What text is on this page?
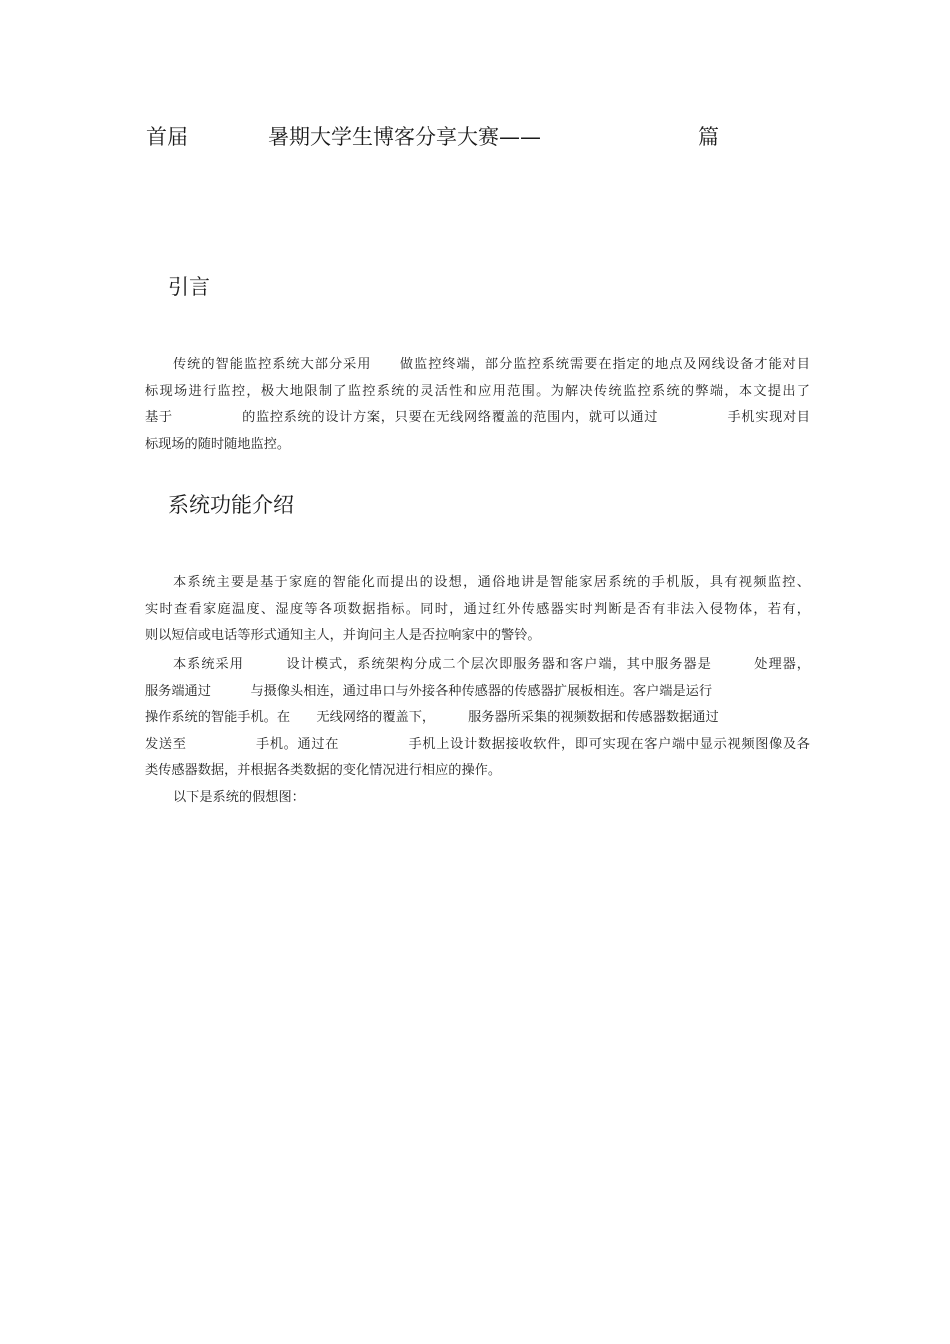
首届	暑期大学生博客分享大赛——	篇
引言
传统的智能监控系统大部分采用　　做监控终端，部分监控系统需要在指定的地点及网线设备才能对目
标现场进行监控，极大地限制了监控系统的灵活性和应用范围。为解决传统监控系统的弊端，本文提出了
基于　　　　　的监控系统的设计方案，只要在无线网络覆盖的范围内，就可以通过　　　　　手机实现对目
标现场的随时随地监控。
系统功能介绍
本系统主要是基于家庭的智能化而提出的设想，通俗地讲是智能家居系统的手机版，具有视频监控、
实时查看家庭温度、湿度等各项数据指标。同时，通过红外传感器实时判断是否有非法入侵物体，若有，
则以短信或电话等形式通知主人，并询问主人是否拉响家中的警铃。
本系统采用　　　设计模式，系统架构分成二个层次即服务器和客户端，其中服务器是　　　处理器，
服务端通过　　　与摄像头相连，通过串口与外接各种传感器的传感器扩展板相连。客户端是运行
操作系统的智能手机。在　　无线网络的覆盖下，　　　服务器所采集的视频数据和传感器数据通过
发送至　　　　　手机。通过在　　　　　手机上设计数据接收软件，即可实现在客户端中显示视频图像及各
类传感器数据，并根据各类数据的变化情况进行相应的操作。
以下是系统的假想图：
